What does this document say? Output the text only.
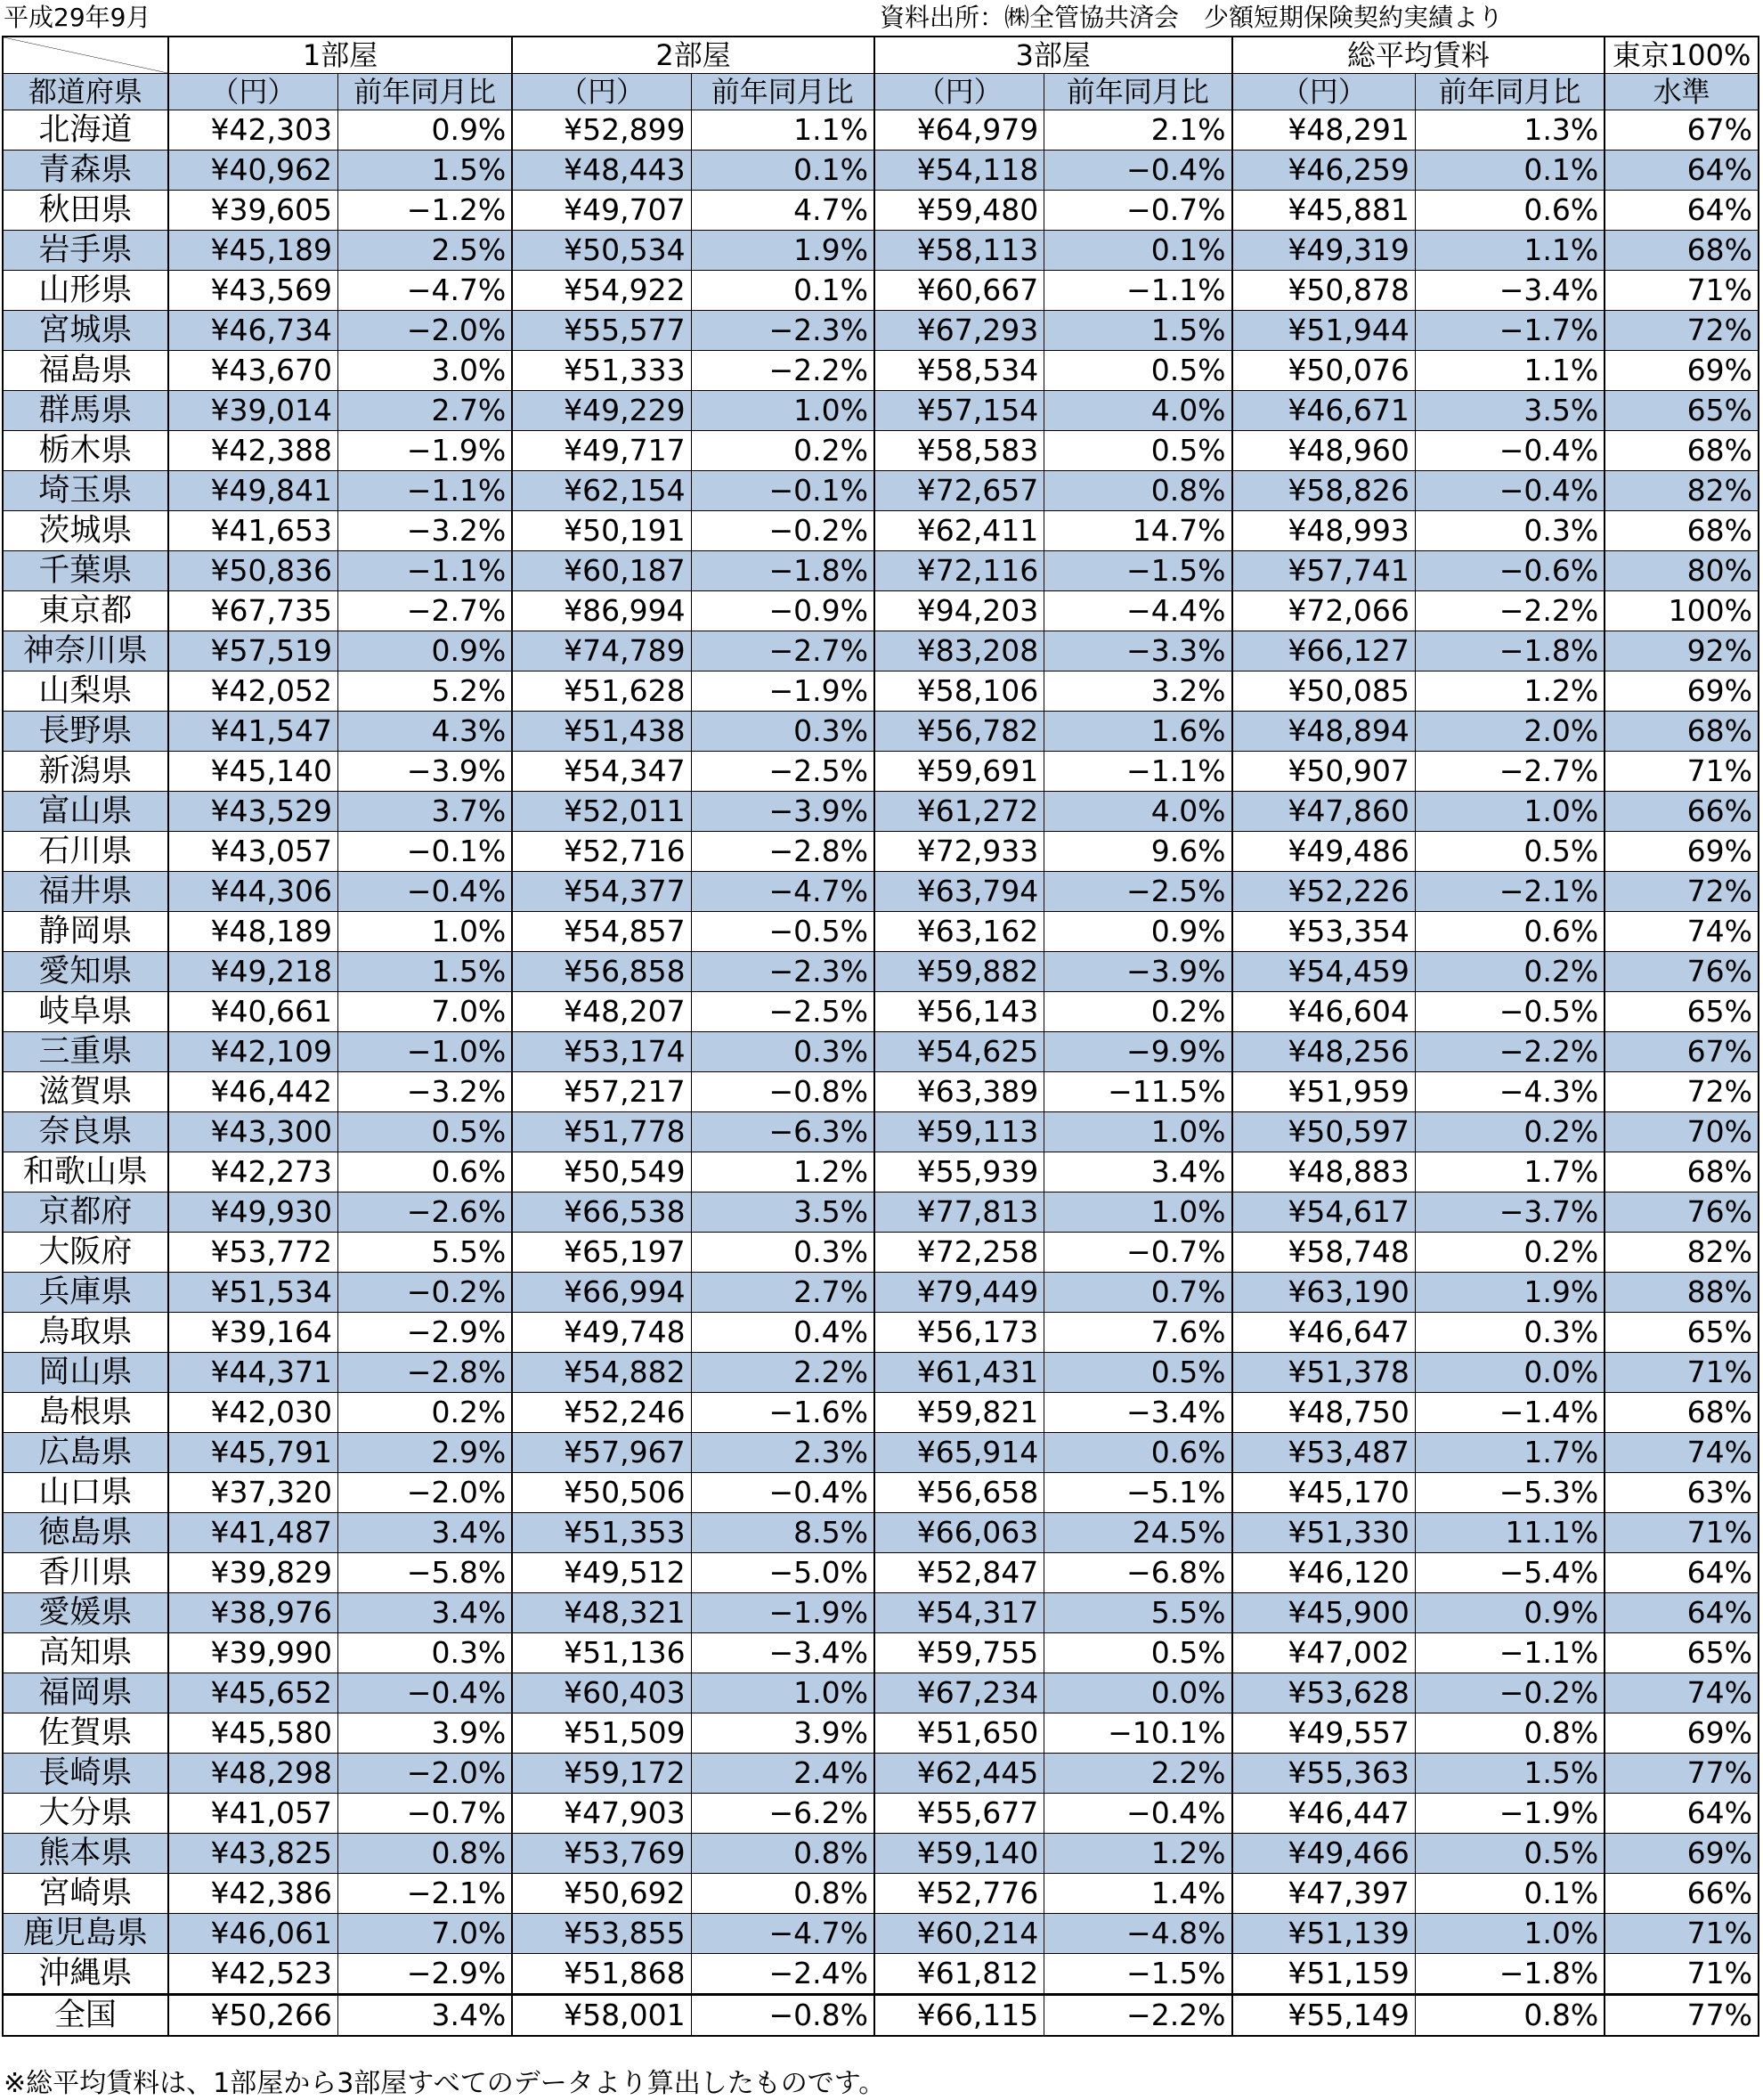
平成29年9月	資料出所：㈱全管協共済会　少額短期保険契約実績より
	1部屋		2部屋		3部屋		総平均賃料		東京100%
都道府県	（円）	前年同月比	（円）	前年同月比	（円）	前年同月比	（円）	前年同月比	水準
北海道	¥42,303	0.9%	¥52,899	1.1%	¥64,979	2.1%	¥48,291	1.3%	67%
青森県	¥40,962	1.5%	¥48,443	0.1%	¥54,118	−0.4%	¥46,259	0.1%	64%
秋田県	¥39,605	−1.2%	¥49,707	4.7%	¥59,480	−0.7%	¥45,881	0.6%	64%
岩手県	¥45,189	2.5%	¥50,534	1.9%	¥58,113	0.1%	¥49,319	1.1%	68%
山形県	¥43,569	−4.7%	¥54,922	0.1%	¥60,667	−1.1%	¥50,878	−3.4%	71%
宮城県	¥46,734	−2.0%	¥55,577	−2.3%	¥67,293	1.5%	¥51,944	−1.7%	72%
福島県	¥43,670	3.0%	¥51,333	−2.2%	¥58,534	0.5%	¥50,076	1.1%	69%
群馬県	¥39,014	2.7%	¥49,229	1.0%	¥57,154	4.0%	¥46,671	3.5%	65%
栃木県	¥42,388	−1.9%	¥49,717	0.2%	¥58,583	0.5%	¥48,960	−0.4%	68%
埼玉県	¥49,841	−1.1%	¥62,154	−0.1%	¥72,657	0.8%	¥58,826	−0.4%	82%
茨城県	¥41,653	−3.2%	¥50,191	−0.2%	¥62,411	14.7%	¥48,993	0.3%	68%
千葉県	¥50,836	−1.1%	¥60,187	−1.8%	¥72,116	−1.5%	¥57,741	−0.6%	80%
東京都	¥67,735	−2.7%	¥86,994	−0.9%	¥94,203	−4.4%	¥72,066	−2.2%	100%
神奈川県	¥57,519	0.9%	¥74,789	−2.7%	¥83,208	−3.3%	¥66,127	−1.8%	92%
山梨県	¥42,052	5.2%	¥51,628	−1.9%	¥58,106	3.2%	¥50,085	1.2%	69%
長野県	¥41,547	4.3%	¥51,438	0.3%	¥56,782	1.6%	¥48,894	2.0%	68%
新潟県	¥45,140	−3.9%	¥54,347	−2.5%	¥59,691	−1.1%	¥50,907	−2.7%	71%
富山県	¥43,529	3.7%	¥52,011	−3.9%	¥61,272	4.0%	¥47,860	1.0%	66%
石川県	¥43,057	−0.1%	¥52,716	−2.8%	¥72,933	9.6%	¥49,486	0.5%	69%
福井県	¥44,306	−0.4%	¥54,377	−4.7%	¥63,794	−2.5%	¥52,226	−2.1%	72%
静岡県	¥48,189	1.0%	¥54,857	−0.5%	¥63,162	0.9%	¥53,354	0.6%	74%
愛知県	¥49,218	1.5%	¥56,858	−2.3%	¥59,882	−3.9%	¥54,459	0.2%	76%
岐阜県	¥40,661	7.0%	¥48,207	−2.5%	¥56,143	0.2%	¥46,604	−0.5%	65%
三重県	¥42,109	−1.0%	¥53,174	0.3%	¥54,625	−9.9%	¥48,256	−2.2%	67%
滋賀県	¥46,442	−3.2%	¥57,217	−0.8%	¥63,389	−11.5%	¥51,959	−4.3%	72%
奈良県	¥43,300	0.5%	¥51,778	−6.3%	¥59,113	1.0%	¥50,597	0.2%	70%
和歌山県	¥42,273	0.6%	¥50,549	1.2%	¥55,939	3.4%	¥48,883	1.7%	68%
京都府	¥49,930	−2.6%	¥66,538	3.5%	¥77,813	1.0%	¥54,617	−3.7%	76%
大阪府	¥53,772	5.5%	¥65,197	0.3%	¥72,258	−0.7%	¥58,748	0.2%	82%
兵庫県	¥51,534	−0.2%	¥66,994	2.7%	¥79,449	0.7%	¥63,190	1.9%	88%
鳥取県	¥39,164	−2.9%	¥49,748	0.4%	¥56,173	7.6%	¥46,647	0.3%	65%
岡山県	¥44,371	−2.8%	¥54,882	2.2%	¥61,431	0.5%	¥51,378	0.0%	71%
島根県	¥42,030	0.2%	¥52,246	−1.6%	¥59,821	−3.4%	¥48,750	−1.4%	68%
広島県	¥45,791	2.9%	¥57,967	2.3%	¥65,914	0.6%	¥53,487	1.7%	74%
山口県	¥37,320	−2.0%	¥50,506	−0.4%	¥56,658	−5.1%	¥45,170	−5.3%	63%
徳島県	¥41,487	3.4%	¥51,353	8.5%	¥66,063	24.5%	¥51,330	11.1%	71%
香川県	¥39,829	−5.8%	¥49,512	−5.0%	¥52,847	−6.8%	¥46,120	−5.4%	64%
愛媛県	¥38,976	3.4%	¥48,321	−1.9%	¥54,317	5.5%	¥45,900	0.9%	64%
高知県	¥39,990	0.3%	¥51,136	−3.4%	¥59,755	0.5%	¥47,002	−1.1%	65%
福岡県	¥45,652	−0.4%	¥60,403	1.0%	¥67,234	0.0%	¥53,628	−0.2%	74%
佐賀県	¥45,580	3.9%	¥51,509	3.9%	¥51,650	−10.1%	¥49,557	0.8%	69%
長崎県	¥48,298	−2.0%	¥59,172	2.4%	¥62,445	2.2%	¥55,363	1.5%	77%
大分県	¥41,057	−0.7%	¥47,903	−6.2%	¥55,677	−0.4%	¥46,447	−1.9%	64%
熊本県	¥43,825	0.8%	¥53,769	0.8%	¥59,140	1.2%	¥49,466	0.5%	69%
宮崎県	¥42,386	−2.1%	¥50,692	0.8%	¥52,776	1.4%	¥47,397	0.1%	66%
鹿児島県	¥46,061	7.0%	¥53,855	−4.7%	¥60,214	−4.8%	¥51,139	1.0%	71%
沖縄県	¥42,523	−2.9%	¥51,868	−2.4%	¥61,812	−1.5%	¥51,159	−1.8%	71%
全国	¥50,266	3.4%	¥58,001	−0.8%	¥66,115	−2.2%	¥55,149	0.8%	77%
※総平均賃料は、1部屋から3部屋すべてのデータより算出したものです。
